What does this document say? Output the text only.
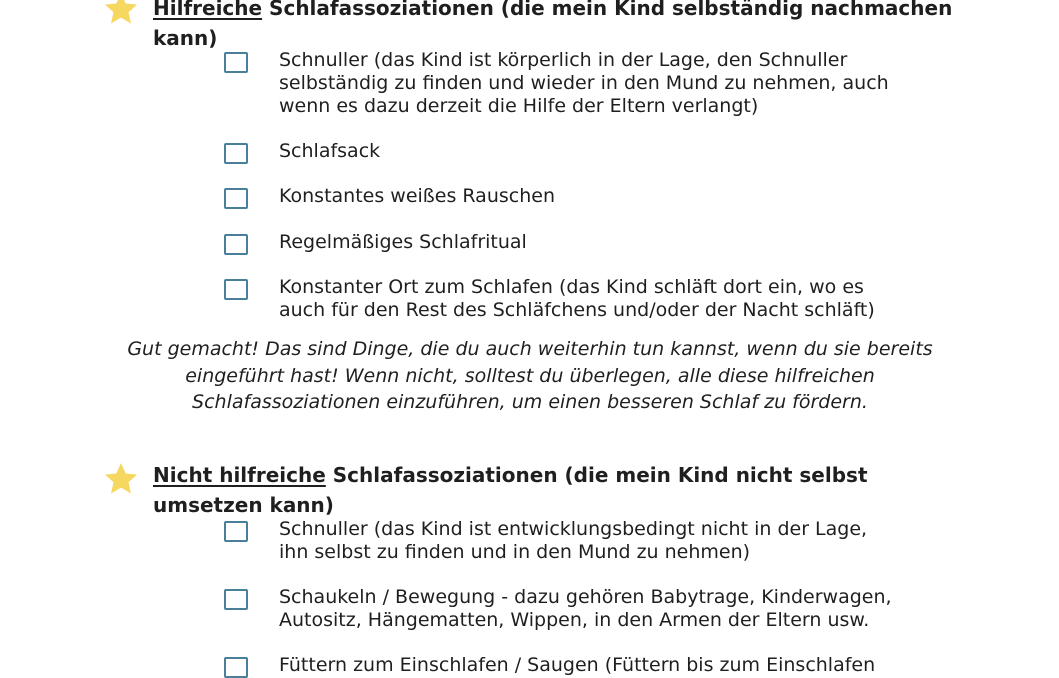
Hilfreiche Schlafassoziationen (die mein Kind selbständig nachmachen kann)
Schnuller (das Kind ist körperlich in der Lage, den Schnuller selbständig zu finden und wieder in den Mund zu nehmen, auch wenn es dazu derzeit die Hilfe der Eltern verlangt)
Schlafsack
Konstantes weißes Rauschen
Regelmäßiges Schlafritual
Konstanter Ort zum Schlafen (das Kind schläft dort ein, wo es auch für den Rest des Schläfchens und/oder der Nacht schläft)
Gut gemacht! Das sind Dinge, die du auch weiterhin tun kannst, wenn du sie bereits eingeführt hast! Wenn nicht, solltest du überlegen, alle diese hilfreichen Schlafassoziationen einzuführen, um einen besseren Schlaf zu fördern.
Nicht hilfreiche Schlafassoziationen (die mein Kind nicht selbst umsetzen kann)
Schnuller (das Kind ist entwicklungsbedingt nicht in der Lage, ihn selbst zu finden und in den Mund zu nehmen)
Schaukeln / Bewegung - dazu gehören Babytrage, Kinderwagen, Autositz, Hängematten, Wippen, in den Armen der Eltern usw.
Füttern zum Einschlafen / Saugen (Füttern bis zum Einschlafen
